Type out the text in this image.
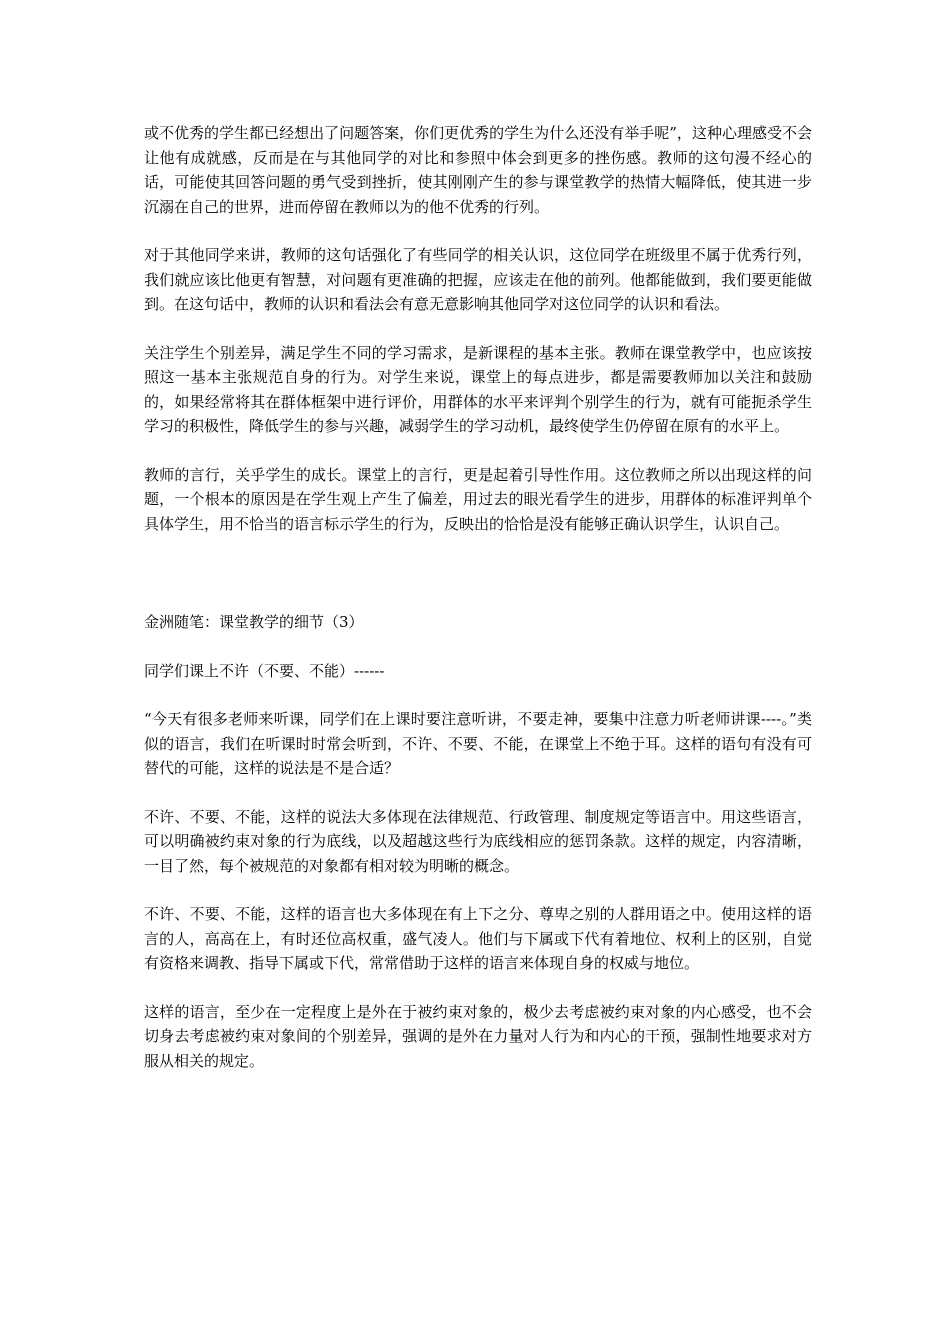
或不优秀的学生都已经想出了问题答案，你们更优秀的学生为什么还没有举手呢”，这种心理感受不会让他有成就感，反而是在与其他同学的对比和参照中体会到更多的挫伤感。教师的这句漫不经心的话，可能使其回答问题的勇气受到挫折，使其刚刚产生的参与课堂教学的热情大幅降低，使其进一步沉溺在自己的世界，进而停留在教师以为的他不优秀的行列。

对于其他同学来讲，教师的这句话强化了有些同学的相关认识，这位同学在班级里不属于优秀行列，我们就应该比他更有智慧，对问题有更准确的把握，应该走在他的前列。他都能做到，我们要更能做到。在这句话中，教师的认识和看法会有意无意影响其他同学对这位同学的认识和看法。

关注学生个别差异，满足学生不同的学习需求，是新课程的基本主张。教师在课堂教学中，也应该按照这一基本主张规范自身的行为。对学生来说，课堂上的每点进步，都是需要教师加以关注和鼓励的，如果经常将其在群体框架中进行评价，用群体的水平来评判个别学生的行为，就有可能扼杀学生学习的积极性，降低学生的参与兴趣，减弱学生的学习动机，最终使学生仍停留在原有的水平上。

教师的言行，关乎学生的成长。课堂上的言行，更是起着引导性作用。这位教师之所以出现这样的问题，一个根本的原因是在学生观上产生了偏差，用过去的眼光看学生的进步，用群体的标准评判单个具体学生，用不恰当的语言标示学生的行为，反映出的恰恰是没有能够正确认识学生，认识自己。

金洲随笔：课堂教学的细节（3）

同学们课上不许（不要、不能）------

“今天有很多老师来听课，同学们在上课时要注意听讲，不要走神，要集中注意力听老师讲课----。”类似的语言，我们在听课时时常会听到，不许、不要、不能，在课堂上不绝于耳。这样的语句有没有可替代的可能，这样的说法是不是合适？

不许、不要、不能，这样的说法大多体现在法律规范、行政管理、制度规定等语言中。用这些语言，可以明确被约束对象的行为底线，以及超越这些行为底线相应的惩罚条款。这样的规定，内容清晰，一目了然，每个被规范的对象都有相对较为明晰的概念。

不许、不要、不能，这样的语言也大多体现在有上下之分、尊卑之别的人群用语之中。使用这样的语言的人，高高在上，有时还位高权重，盛气凌人。他们与下属或下代有着地位、权利上的区别，自觉有资格来调教、指导下属或下代，常常借助于这样的语言来体现自身的权威与地位。

这样的语言，至少在一定程度上是外在于被约束对象的，极少去考虑被约束对象的内心感受，也不会切身去考虑被约束对象间的个别差异，强调的是外在力量对人行为和内心的干预，强制性地要求对方服从相关的规定。
